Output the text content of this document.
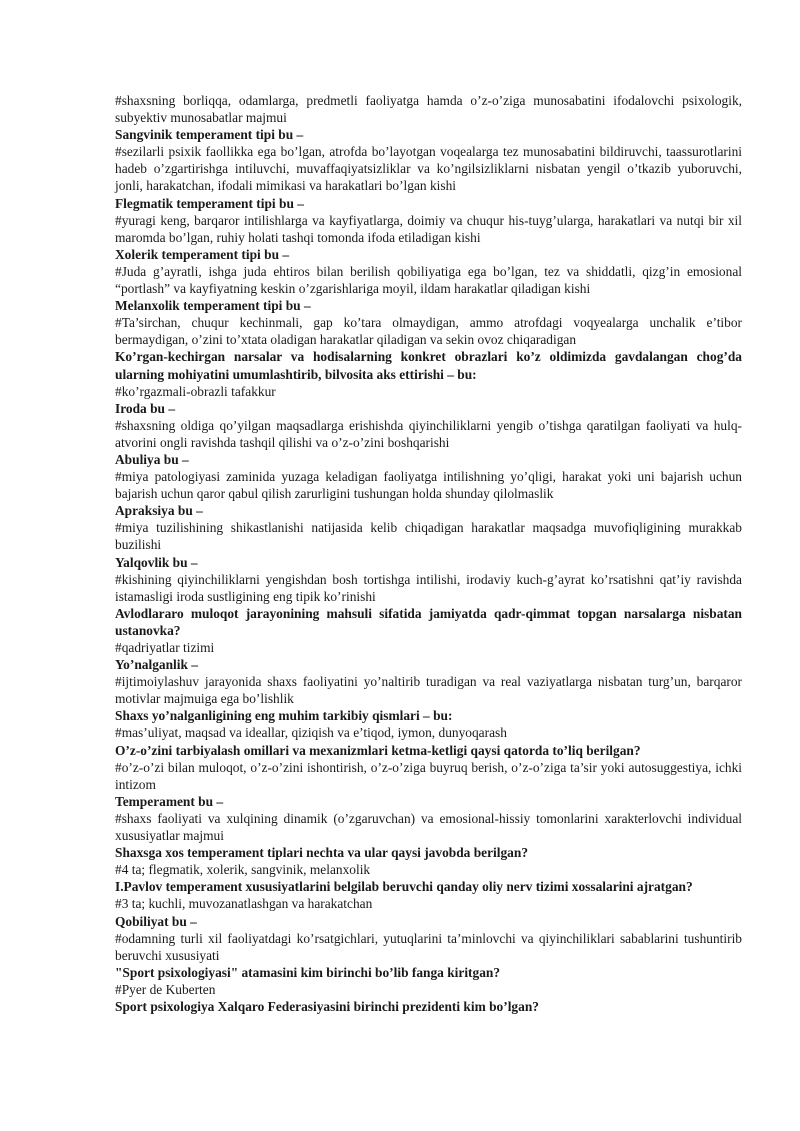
#shaxsning borliqqa, odamlarga, predmetli faoliyatga hamda o’z-o’ziga munosabatini ifodalovchi psixologik, subyektiv munosabatlar majmui

Sangvinik temperament tipi bu –

#sezilarli psixik faollikka ega bo’lgan, atrofda bo’layotgan voqealarga tez munosabatini bildiruvchi, taassurotlarini hadeb o’zgartirishga intiluvchi, muvaffaqiyatsizliklar va ko’ngilsizliklarni nisbatan yengil o’tkazib yuboruvchi, jonli, harakatchan, ifodali mimikasi va harakatlari bo’lgan kishi

Flegmatik temperament tipi bu –

#yuragi keng, barqaror intilishlarga va kayfiyatlarga, doimiy va chuqur his-tuyg’ularga, harakatlari va nutqi bir xil maromda bo’lgan, ruhiy holati tashqi tomonda ifoda etiladigan kishi

Xolerik temperament tipi bu –

#Juda g’ayratli, ishga juda ehtiros bilan berilish qobiliyatiga ega bo’lgan, tez va shiddatli, qizg’in emosional “portlash” va kayfiyatning keskin o’zgarishlariga moyil, ildam harakatlar qiladigan kishi

Melanxolik temperament tipi bu –

#Ta’sirchan, chuqur kechinmali, gap ko’tara olmaydigan, ammo atrofdagi voqyealarga unchalik e’tibor bermaydigan, o’zini to’xtata oladigan harakatlar qiladigan va sekin ovoz chiqaradigan

Ko’rgan-kechirgan narsalar va hodisalarning konkret obrazlari ko’z oldimizda gavdalangan chog’da ularning mohiyatini umumlashtirib, bilvosita aks ettirishi – bu:

#ko’rgazmali-obrazli tafakkur

Iroda bu –

#shaxsning oldiga qo’yilgan maqsadlarga erishishda qiyinchiliklarni yengib o’tishga qaratilgan faoliyati va hulq-atvorini ongli ravishda tashqil qilishi va o’z-o’zini boshqarishi

Abuliya bu –

#miya patologiyasi zaminida yuzaga keladigan faoliyatga intilishning yo’qligi, harakat yoki uni bajarish uchun bajarish uchun qaror qabul qilish zarurligini tushungan holda shunday qilolmaslik

Apraksiya bu –

#miya tuzilishining shikastlanishi natijasida kelib chiqadigan harakatlar maqsadga muvofiqligining murakkab buzilishi

Yalqovlik bu –

#kishining qiyinchiliklarni yengishdan bosh tortishga intilishi, irodaviy kuch-g’ayrat ko’rsatishni qat’iy ravishda istamasligi iroda sustligining eng tipik ko’rinishi

Avlodlararo muloqot jarayonining mahsuli sifatida jamiyatda qadr-qimmat topgan narsalarga nisbatan ustanovka?

#qadriyatlar tizimi

Yo’nalganlik –

#ijtimoiylashuv jarayonida shaxs faoliyatini yo’naltirib turadigan va real vaziyatlarga nisbatan turg’un, barqaror motivlar majmuiga ega bo’lishlik

Shaxs yo’nalganligining eng muhim tarkibiy qismlari – bu:

#mas’uliyat, maqsad va ideallar, qiziqish va e’tiqod, iymon, dunyoqarash

O’z-o’zini tarbiyalash omillari va mexanizmlari ketma-ketligi qaysi qatorda to’liq berilgan?

#o’z-o’zi bilan muloqot, o’z-o’zini ishontirish, o’z-o’ziga buyruq berish, o’z-o’ziga ta’sir yoki autosuggestiya, ichki intizom

Temperament bu –

#shaxs faoliyati va xulqining dinamik (o’zgaruvchan) va emosional-hissiy tomonlarini xarakterlovchi individual xususiyatlar majmui

Shaxsga xos temperament tiplari nechta va ular qaysi javobda berilgan?

#4 ta; flegmatik, xolerik, sangvinik, melanxolik

I.Pavlov temperament xususiyatlarini belgilab beruvchi qanday oliy nerv tizimi xossalarini ajratgan?

#3 ta; kuchli, muvozanatlashgan va harakatchan

Qobiliyat bu –

#odamning turli xil faoliyatdagi ko’rsatgichlari, yutuqlarini ta’minlovchi va qiyinchiliklari sabablarini tushuntirib beruvchi xususiyati

"Sport psixologiyasi" atamasini kim birinchi bo’lib fanga kiritgan?

#Pyer de Kuberten

Sport psixologiya Xalqaro Federasiyasini birinchi prezidenti kim bo’lgan?
